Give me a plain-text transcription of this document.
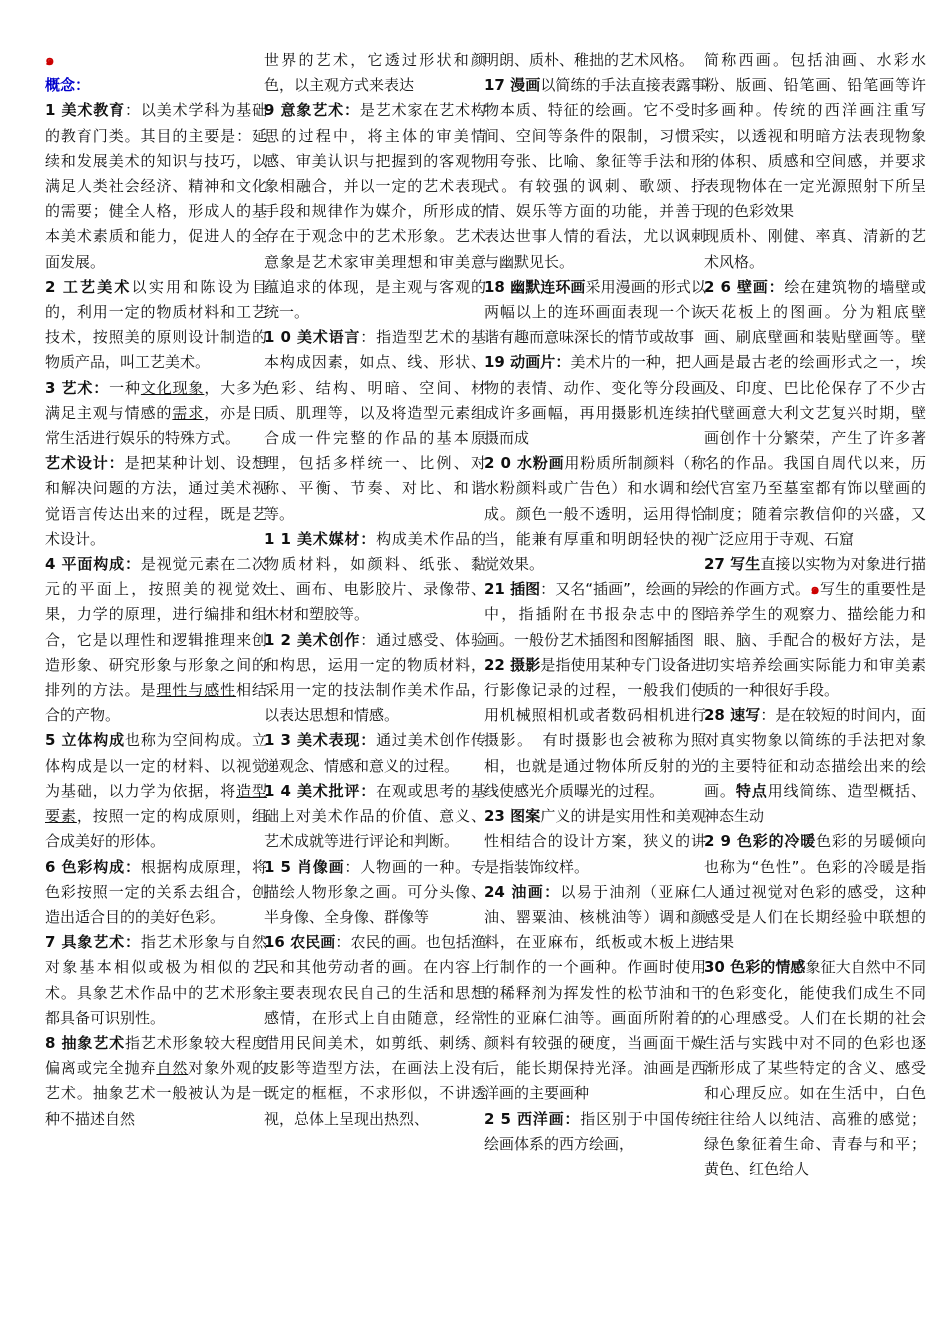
๑
概念：

1 美术教育：以美术学科为基础的教育门类。其目的主要是：延续和发展美术的知识与技巧，以满足人类社会经济、精神和文化的需要；健全人格，形成人的基本美术素质和能力，促进人的全面发展。

2 工艺美术以实用和陈设为目的，利用一定的物质材料和工艺技术，按照美的原则设计制造的物质产品，叫工艺美术。

3 艺术：一种文化现象，大多为满足主观与情感的需求，亦是日常生活进行娱乐的特殊方式。

艺术设计：是把某种计划、设想和解决问题的方法，通过美术视觉语言传达出来的过程，既是艺术设计。

4 平面构成：是视觉元素在二次元的平面上，按照美的视觉效果，力学的原理，进行编排和组合，它是以理性和逻辑推理来创造形象、研究形象与形象之间的排列的方法。是理性与感性相结合的产物。

5 立体构成也称为空间构成。立体构成是以一定的材料、以视觉为基础，以力学为依据，将造型要素，按照一定的构成原则，组合成美好的形体。

6 色彩构成：根据构成原理，将色彩按照一定的关系去组合，创造出适合目的的美好色彩。

7 具象艺术：指艺术形象与自然对象基本相似或极为相似的艺术。具象艺术作品中的艺术形象都具备可识别性。

8 抽象艺术指艺术形象较大程度偏离或完全抛弃自然对象外观的艺术。抽象艺术一般被认为是一种不描述自然

世界的艺术，它透过形状和颜色，以主观方式来表达

9 意象艺术：是艺术家在艺术构思的过程中，将主体的审美情感、审美认识与把握到的客观物象相融合，并以一定的艺术表现手段和规律作为媒介，所形成的存在于观念中的艺术形象。艺术意象是艺术家审美理想和审美意蕴追求的体现，是主观与客观的统一。

1 0 美术语言：指造型艺术的基本构成因素，如点、线、形状、色彩、结构、明暗、空间、材质、肌理等，以及将造型元素组合成一件完整的作品的基本原理，包括多样统一、比例、对称、平衡、节奏、对比、和谐等。

1 1 美术媒材：构成美术作品的物质材料，如颜料、纸张、黏土、画布、电影胶片、录像带、木材和塑胶等。

1 2 美术创作：通过感受、体验和构思，运用一定的物质材料，采用一定的技法制作美术作品，以表达思想和情感。

1 3 美术表现：通过美术创作传递观念、情感和意义的过程。

1 4 美术批评：在观或思考的基础上对美术作品的价值、意义、艺术成就等进行评论和判断。

1 5 肖像画：人物画的一种。专描绘人物形象之画。可分头像、半身像、全身像、群像等

16 农民画：农民的画。也包括渔民和其他劳动者的画。在内容上主要表现农民自己的生活和思想感情，在形式上自由随意，经常借用民间美术，如剪纸、刺绣、皮影等造型方法，在画法上没有既定的框框，不求形似，不讲透视，总体上呈现出热烈、

明朗、质朴、稚拙的艺术风格。

17 漫画以简练的手法直接表露事物本质、特征的绘画。它不受时间、空间等条件的限制，习惯采用夸张、比喻、象征等手法和形式。有较强的讽刺、歌颂、抒情、娱乐等方面的功能，并善于表达世事人情的看法，尤以讽刺与幽默见长。

18 幽默连环画采用漫画的形式以两幅以上的连环画面表现一个诙谐有趣而意味深长的情节或故事

19 动画片：美术片的一种，把人物的表情、动作、变化等分段画成许多画幅，再用摄影机连续拍摄而成

2 0 水粉画用粉质所制颜料（称水粉颜料或广告色）和水调和绘成。颜色一般不透明，运用得恰当，能兼有厚重和明朗轻快的视觉效果。

21 插图：又名“插画”，绘画的异中，指插附在书报杂志中的图画。一般份艺术插图和图解插图

22 摄影是指使用某种专门设备进行影像记录的过程，一般我们使用机械照相机或者数码相机进行摄影。　有时摄影也会被称为照相，也就是通过物体所反射的光线使感光介质曝光的过程。

23 图案广义的讲是实用性和美观性相结合的设计方案，狭义的讲是指装饰纹样。

24 油画：以易于油剂（亚麻仁油、罂粟油、核桃油等）调和颜料，在亚麻布，纸板或木板上进行制作的一个画种。作画时使用的稀释剂为挥发性的松节油和干性的亚麻仁油等。画面所附着的颜料有较强的硬度，当画面干燥后，能长期保持光泽。油画是西洋画的主要画种

2 5 西洋画：指区别于中国传统绘画体系的西方绘画，

简称西画。包括油画、水彩水粉、版画、铅笔画、铅笔画等许多画种。传统的西洋画注重写实，以透视和明暗方法表现物象的体积、质感和空间感，并要求表现物体在一定光源照射下所呈现的色彩效果

现质朴、刚健、率真、清新的艺术风格。

2 6 壁画：绘在建筑物的墙壁或天花板上的图画。分为粗底壁画、刷底壁画和装贴壁画等。壁画是最古老的绘画形式之一，埃及、印度、巴比伦保存了不少古代壁画意大利文艺复兴时期，壁画创作十分繁荣，产生了许多著名的作品。我国自周代以来，历代宫室乃至墓室都有饰以壁画的制度；随着宗教信仰的兴盛，又广泛应用于寺观、石窟

27 写生直接以实物为对象进行描绘的作画方式。๑写生的重要性是培养学生的观察力、描绘能力和眼、脑、手配合的极好方法，是切实培养绘画实际能力和审美素质的一种很好手段。

28 速写：是在较短的时间内，面对真实物象以简练的手法把对象的主要特征和动态描绘出来的绘画。特点用线简练、造型概括、神态生动

2 9 色彩的冷暖色彩的另暖倾向也称为“色性”。色彩的冷暖是指人通过视觉对色彩的感受，这种感受是人们在长期经验中联想的结果

30 色彩的情感象征大自然中不同的色彩变化，能使我们成生不同的心理感受。人们在长期的社会生活与实践中对不同的色彩也逐渐形成了某些特定的含义、感受和心理反应。如在生活中，白色往往给人以纯洁、高雅的感觉；绿色象征着生命、青春与和平；黄色、红色给人
